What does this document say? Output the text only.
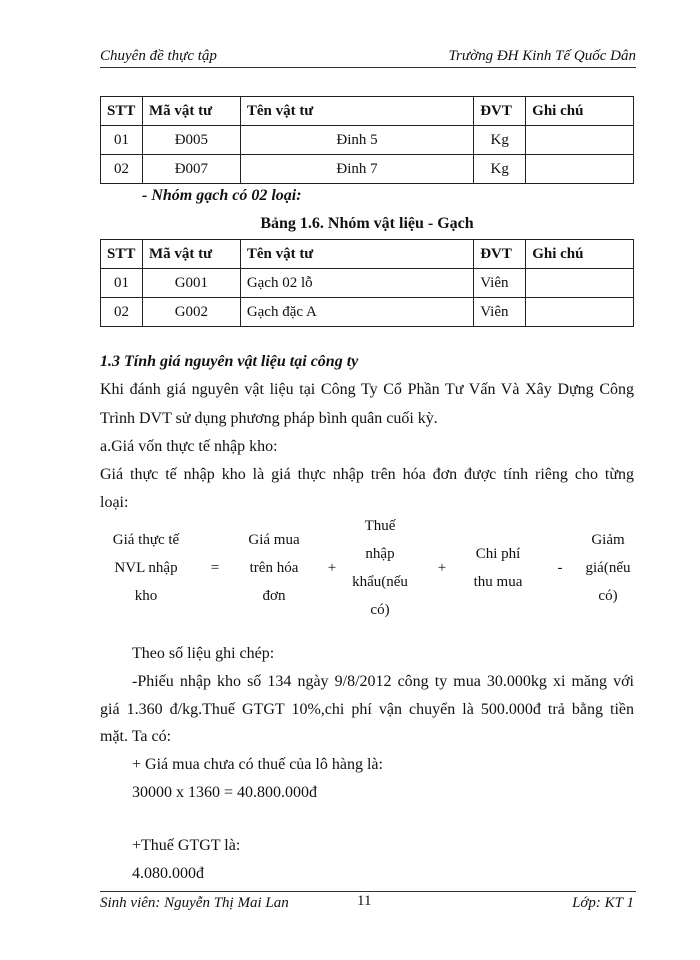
Chuyên đề thực tập	Trường ĐH Kinh Tế Quốc Dân
STT	Mã vật tư	Tên vật tư	ĐVT	Ghi chú
01	Đ005	Đinh 5	Kg	
02	Đ007	Đinh 7	Kg	
- Nhóm gạch có 02 loại:
Bảng 1.6. Nhóm vật liệu - Gạch
STT	Mã vật tư	Tên vật tư	ĐVT	Ghi chú
01	G001	Gạch 02 lỗ	Viên	
02	G002	Gạch đặc A	Viên	
1.3 Tính giá nguyên vật liệu tại công ty
Khi đánh giá nguyên vật liệu tại Công Ty Cổ Phần Tư Vấn Và Xây Dựng Công
Trình DVT sử dụng phương pháp bình quân cuối kỳ.
a.Giá vốn thực tế nhập kho:
Giá thực tế nhập kho là giá thực nhập trên hóa đơn được tính riêng cho từng
loại:
Giá thực tế
NVL nhập
kho
=
Giá mua
trên hóa
đơn
+
Thuế
nhập
khẩu(nếu
có)
+
Chi phí
thu mua
-
Giảm
giá(nếu
có)
Theo số liệu ghi chép:
-Phiếu nhập kho số 134 ngày 9/8/2012 công ty mua 30.000kg xi măng với
giá 1.360 đ/kg.Thuế GTGT 10%,chi phí vận chuyển là 500.000đ trả bằng tiền
mặt. Ta có:
+ Giá mua chưa có thuế của lô hàng là:
30000 x 1360 = 40.800.000đ
+Thuế GTGT là:
4.080.000đ
Sinh viên: Nguyễn Thị Mai Lan	11	Lớp: KT 1
